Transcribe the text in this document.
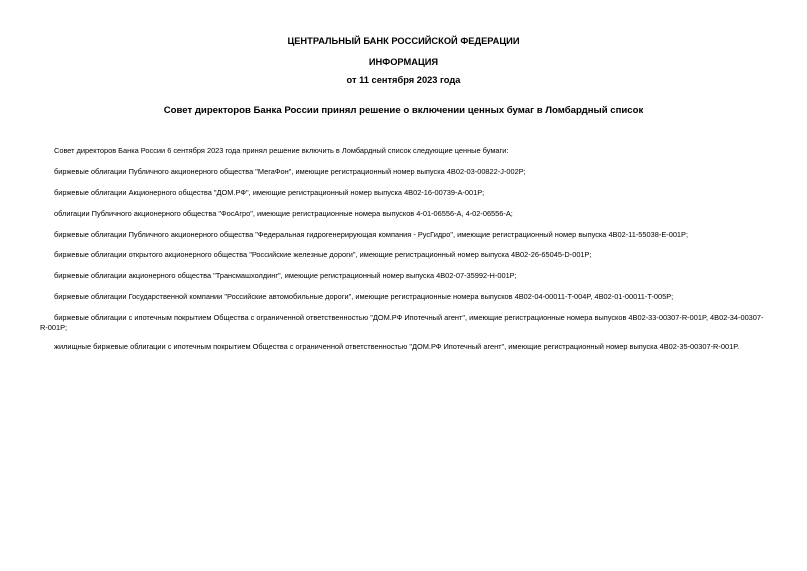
ЦЕНТРАЛЬНЫЙ БАНК РОССИЙСКОЙ ФЕДЕРАЦИИ
ИНФОРМАЦИЯ
от 11 сентября 2023 года
Совет директоров Банка России принял решение о включении ценных бумаг в Ломбардный список
Совет директоров Банка России 6 сентября 2023 года принял решение включить в Ломбардный список следующие ценные бумаги:
биржевые облигации Публичного акционерного общества "МегаФон", имеющие регистрационный номер выпуска 4B02-03-00822-J-002P;
биржевые облигации Акционерного общества "ДОМ.РФ", имеющие регистрационный номер выпуска 4B02-16-00739-A-001P;
облигации Публичного акционерного общества "ФосАгро", имеющие регистрационные номера выпусков 4-01-06556-A, 4-02-06556-A;
биржевые облигации Публичного акционерного общества "Федеральная гидрогенерирующая компания - РусГидро", имеющие регистрационный номер выпуска 4B02-11-55038-E-001P;
биржевые облигации открытого акционерного общества "Российские железные дороги", имеющие регистрационный номер выпуска 4B02-26-65045-D-001P;
биржевые облигации акционерного общества "Трансмашхолдинг", имеющие регистрационный номер выпуска 4B02-07-35992-H-001P;
биржевые облигации Государственной компании "Российские автомобильные дороги", имеющие регистрационные номера выпусков 4B02-04-00011-T-004P, 4B02-01-00011-T-005P;
биржевые облигации с ипотечным покрытием Общества с ограниченной ответственностью "ДОМ.РФ Ипотечный агент", имеющие регистрационные номера выпусков 4B02-33-00307-R-001P, 4B02-34-00307-R-001P;
жилищные биржевые облигации с ипотечным покрытием Общества с ограниченной ответственностью "ДОМ.РФ Ипотечный агент", имеющие регистрационный номер выпуска 4B02-35-00307-R-001P.
